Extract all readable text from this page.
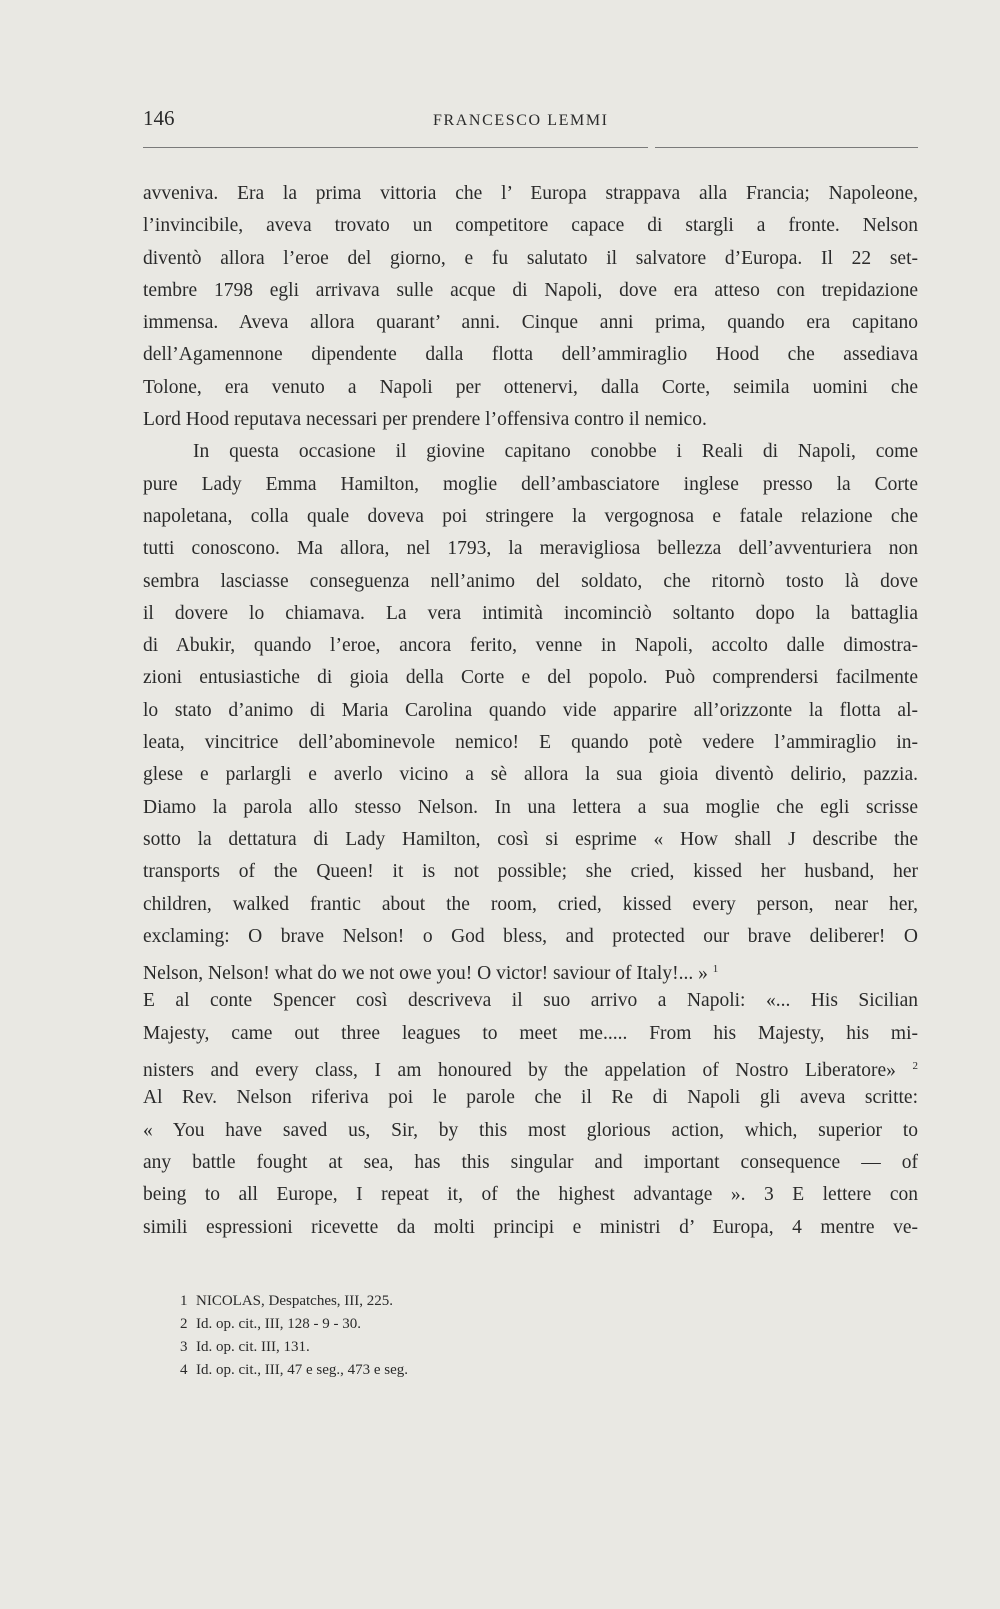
146	FRANCESCO LEMMI
avveniva. Era la prima vittoria che l’ Europa strappava alla Francia; Napoleone,
l’invincibile, aveva trovato un competitore capace di stargli a fronte. Nelson
diventò allora l’eroe del giorno, e fu salutato il salvatore d’Europa. Il 22 set-
tembre 1798 egli arrivava sulle acque di Napoli, dove era atteso con trepidazione
immensa. Aveva allora quarant’ anni. Cinque anni prima, quando era capitano
dell’Agamennone dipendente dalla flotta dell’ammiraglio Hood che assediava
Tolone, era venuto a Napoli per ottenervi, dalla Corte, seimila uomini che
Lord Hood reputava necessari per prendere l’offensiva contro il nemico.
In questa occasione il giovine capitano conobbe i Reali di Napoli, come
pure Lady Emma Hamilton, moglie dell’ambasciatore inglese presso la Corte
napoletana, colla quale doveva poi stringere la vergognosa e fatale relazione che
tutti conoscono. Ma allora, nel 1793, la meravigliosa bellezza dell’avventuriera non
sembra lasciasse conseguenza nell’animo del soldato, che ritornò tosto là dove
il dovere lo chiamava. La vera intimità incominciò soltanto dopo la battaglia
di Abukir, quando l’eroe, ancora ferito, venne in Napoli, accolto dalle dimostra-
zioni entusiastiche di gioia della Corte e del popolo. Può comprendersi facilmente
lo stato d’animo di Maria Carolina quando vide apparire all’orizzonte la flotta al-
leata, vincitrice dell’abominevole nemico! E quando potè vedere l’ammiraglio in-
glese e parlargli e averlo vicino a sè allora la sua gioia diventò delirio, pazzia.
Diamo la parola allo stesso Nelson. In una lettera a sua moglie che egli scrisse
sotto la dettatura di Lady Hamilton, così si esprime « How shall J describe the
transports of the Queen! it is not possible; she cried, kissed her husband, her
children, walked frantic about the room, cried, kissed every person, near her,
exclaming: O brave Nelson! o God bless, and protected our brave deliberer! O
Nelson, Nelson! what do we not owe you! O victor! saviour of Italy!... » $^1$
E al conte Spencer così descriveva il suo arrivo a Napoli: «... His Sicilian
Majesty, came out three leagues to meet me..... From his Majesty, his mi-
nisters and every class, I am honoured by the appelation of Nostro Liberatore» $^2$
Al Rev. Nelson riferiva poi le parole che il Re di Napoli gli aveva scritte:
« You have saved us, Sir, by this most glorious action, which, superior to
any battle fought at sea, has this singular and important consequence — of
being to all Europe, I repeat it, of the highest advantage ». 3 E lettere con
simili espressioni ricevette da molti principi e ministri d’ Europa, 4 mentre ve-
1 NICOLAS, Despatches, III, 225.
2 Id. op. cit., III, 128 - 9 - 30.
3 Id. op. cit. III, 131.
4 Id. op. cit., III, 47 e seg., 473 e seg.
